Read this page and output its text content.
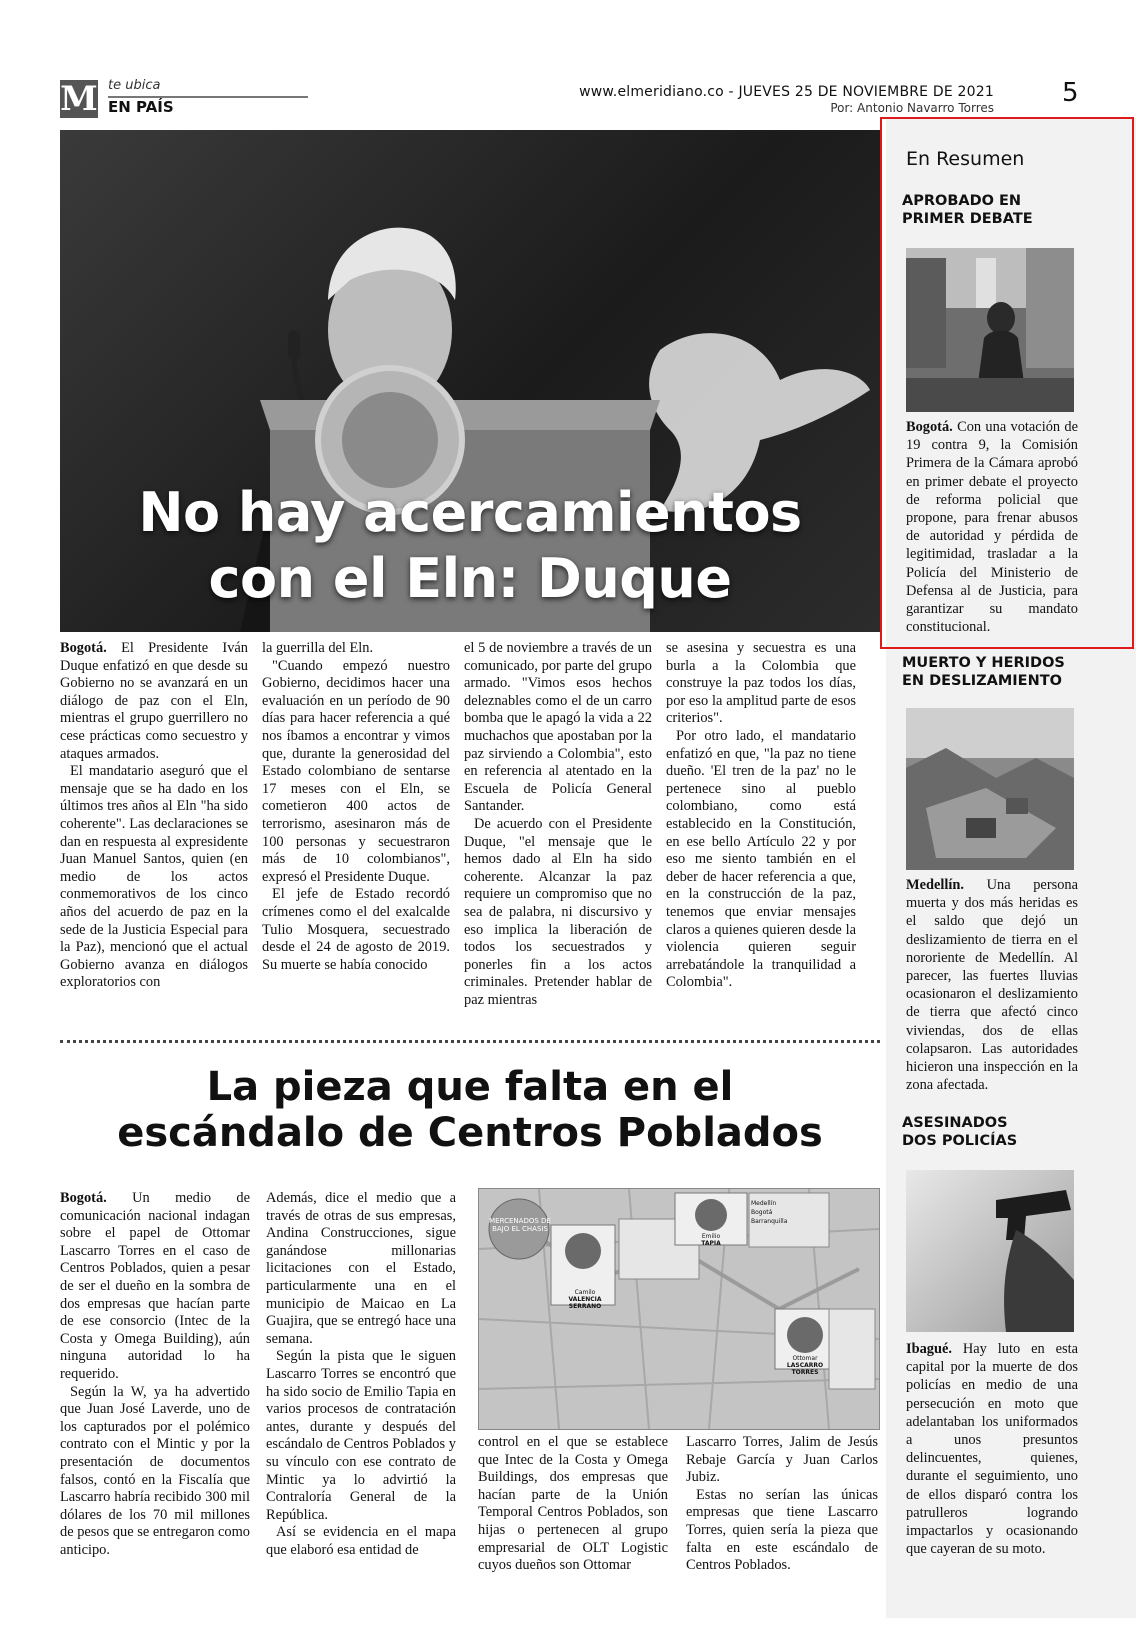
M te ubica
EN PAÍS
www.elmeridiano.co - JUEVES 25 DE NOVIEMBRE DE 2021
Por: Antonio Navarro Torres	5
No hay acercamientos
con el Eln: Duque

Bogotá. El Presidente Iván Duque enfatizó en que desde su Gobierno no se avanzará en un diálogo de paz con el Eln, mientras el grupo guerrillero no cese prácticas como secuestro y ataques armados.

El mandatario aseguró que el mensaje que se ha dado en los últimos tres años al Eln "ha sido coherente". Las declaraciones se dan en respuesta al expresidente Juan Manuel Santos, quien (en medio de los actos conmemorativos de los cinco años del acuerdo de paz en la sede de la Justicia Especial para la Paz), mencionó que el actual Gobierno avanza en diálogos exploratorios con

la guerrilla del Eln.

"Cuando empezó nuestro Gobierno, decidimos hacer una evaluación en un período de 90 días para hacer referencia a qué nos íbamos a encontrar y vimos que, durante la generosidad del Estado colombiano de sentarse 17 meses con el Eln, se cometieron 400 actos de terrorismo, asesinaron más de 100 personas y secuestraron más de 10 colombianos", expresó el Presidente Duque.

El jefe de Estado recordó crímenes como el del exalcalde Tulio Mosquera, secuestrado desde el 24 de agosto de 2019. Su muerte se había conocido

el 5 de noviembre a través de un comunicado, por parte del grupo armado. "Vimos esos hechos deleznables como el de un carro bomba que le apagó la vida a 22 muchachos que apostaban por la paz sirviendo a Colombia", esto en referencia al atentado en la Escuela de Policía General Santander.

De acuerdo con el Presidente Duque, "el mensaje que le hemos dado al Eln ha sido coherente. Alcanzar la paz requiere un compromiso que no sea de palabra, ni discursivo y eso implica la liberación de todos los secuestrados y ponerles fin a los actos criminales. Pretender hablar de paz mientras

se asesina y secuestra es una burla a la Colombia que construye la paz todos los días, por eso la amplitud parte de esos criterios".

Por otro lado, el mandatario enfatizó en que, "la paz no tiene dueño. 'El tren de la paz' no le pertenece sino al pueblo colombiano, como está establecido en la Constitución, en ese bello Artículo 22 y por eso me siento también en el deber de hacer referencia a que, en la construcción de la paz, tenemos que enviar mensajes claros a quienes quieren desde la violencia quieren seguir arrebatándole la tranquilidad a Colombia".

La pieza que falta en el
escándalo de Centros Poblados

Bogotá. Un medio de comunicación nacional indagan sobre el papel de Ottomar Lascarro Torres en el caso de Centros Poblados, quien a pesar de ser el dueño en la sombra de dos empresas que hacían parte de ese consorcio (Intec de la Costa y Omega Building), aún ninguna autoridad lo ha requerido.

Según la W, ya ha advertido que Juan José Laverde, uno de los capturados por el polémico contrato con el Mintic y por la presentación de documentos falsos, contó en la Fiscalía que Lascarro habría recibido 300 mil dólares de los 70 mil millones de pesos que se entregaron como anticipo.

Además, dice el medio que a través de otras de sus empresas, Andina Construcciones, sigue ganándose millonarias licitaciones con el Estado, particularmente una en el municipio de Maicao en La Guajira, que se entregó hace una semana.

Según la pista que le siguen Lascarro Torres se encontró que ha sido socio de Emilio Tapia en varios procesos de contratación antes, durante y después del escándalo de Centros Poblados y su vínculo con ese contrato de Mintic ya lo advirtió la Contraloría General de la República.

Así se evidencia en el mapa que elaboró esa entidad de

MERCENADOS DE BAJO EL CHASIS
Camilo
VALENCIA SERRANO
Emilio
TAPIA
Ottomar
LASCARRO TORRES
Medellín
Bogotá
Barranquilla

control en el que se establece que Intec de la Costa y Omega Buildings, dos empresas que hacían parte de la Unión Temporal Centros Poblados, son hijas o pertenecen al grupo empresarial de OLT Logistic cuyos dueños son Ottomar

Lascarro Torres, Jalim de Jesús Rebaje García y Juan Carlos Jubiz.

Estas no serían las únicas empresas que tiene Lascarro Torres, quien sería la pieza que falta en este escándalo de Centros Poblados.

En Resumen
APROBADO EN
PRIMER DEBATE
Bogotá. Con una votación de 19 contra 9, la Comisión Primera de la Cámara aprobó en primer debate el proyecto de reforma policial que propone, para frenar abusos de autoridad y pérdida de legitimidad, trasladar a la Policía del Ministerio de Defensa al de Justicia, para garantizar su mandato constitucional.
MUERTO Y HERIDOS
EN DESLIZAMIENTO
Medellín. Una persona muerta y dos más heridas es el saldo que dejó un deslizamiento de tierra en el nororiente de Medellín. Al parecer, las fuertes lluvias ocasionaron el deslizamiento de tierra que afectó cinco viviendas, dos de ellas colapsaron. Las autoridades hicieron una inspección en la zona afectada.
ASESINADOS
DOS POLICÍAS
Ibagué. Hay luto en esta capital por la muerte de dos policías en medio de una persecución en moto que adelantaban los uniformados a unos presuntos delincuentes, quienes, durante el seguimiento, uno de ellos disparó contra los patrulleros logrando impactarlos y ocasionando que cayeran de su moto.
